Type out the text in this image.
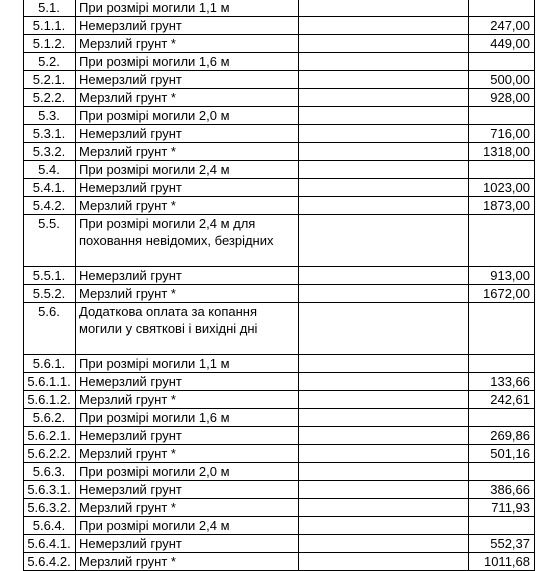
5.1.	При розмірі могили 1,1 м		
5.1.1.	Немерзлий грунт		247,00
5.1.2.	Мерзлий грунт *		449,00
5.2.	При розмірі могили 1,6 м		
5.2.1.	Немерзлий грунт		500,00
5.2.2.	Мерзлий грунт *		928,00
5.3.	При розмірі могили 2,0 м		
5.3.1.	Немерзлий грунт		716,00
5.3.2.	Мерзлий грунт *		1318,00
5.4.	При розмірі могили 2,4 м		
5.4.1.	Немерзлий грунт		1023,00
5.4.2.	Мерзлий грунт *		1873,00
5.5.	При розмірі могили 2,4 м для поховання невідомих, безрідних		
5.5.1.	Немерзлий грунт		913,00
5.5.2.	Мерзлий грунт *		1672,00
5.6.	Додаткова оплата за копання могили у святкові і вихідні дні		
5.6.1.	При розмірі могили 1,1 м		
5.6.1.1.	Немерзлий грунт		133,66
5.6.1.2.	Мерзлий грунт *		242,61
5.6.2.	При розмірі могили 1,6 м		
5.6.2.1.	Немерзлий грунт		269,86
5.6.2.2.	Мерзлий грунт *		501,16
5.6.3.	При розмірі могили 2,0 м		
5.6.3.1.	Немерзлий грунт		386,66
5.6.3.2.	Мерзлий грунт *		711,93
5.6.4.	При розмірі могили 2,4 м		
5.6.4.1.	Немерзлий грунт		552,37
5.6.4.2.	Мерзлий грунт *		1011,68
